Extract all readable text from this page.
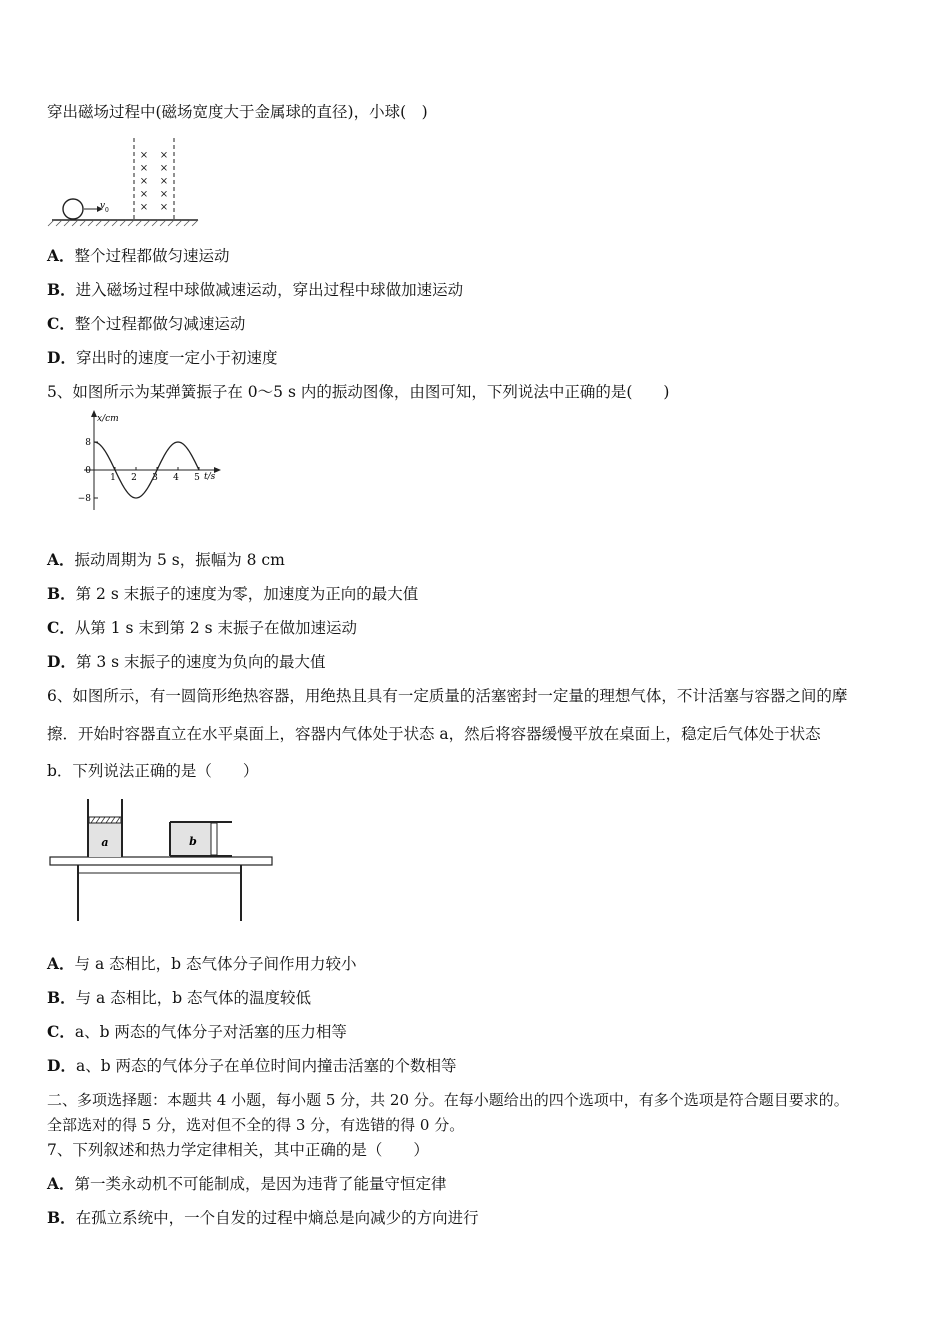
穿出磁场过程中(磁场宽度大于金属球的直径)，小球(　)
v 0
× ×
× ×
× ×
× ×
× ×
A．整个过程都做匀速运动
B．进入磁场过程中球做减速运动，穿出过程中球做加速运动
C．整个过程都做匀减速运动
D．穿出时的速度一定小于初速度
5、如图所示为某弹簧振子在 0～5 s 内的振动图像，由图可知，下列说法中正确的是(　　)
x/cm
t/s
1 2 3 4 5
8
0
−8
A．振动周期为 5 s，振幅为 8 cm
B．第 2 s 末振子的速度为零，加速度为正向的最大值
C．从第 1 s 末到第 2 s 末振子在做加速运动
D．第 3 s 末振子的速度为负向的最大值
6、如图所示，有一圆筒形绝热容器，用绝热且具有一定质量的活塞密封一定量的理想气体，不计活塞与容器之间的摩
擦．开始时容器直立在水平桌面上，容器内气体处于状态 a，然后将容器缓慢平放在桌面上，稳定后气体处于状态
b．下列说法正确的是（　　）
a	b
A．与 a 态相比，b 态气体分子间作用力较小
B．与 a 态相比，b 态气体的温度较低
C．a、b 两态的气体分子对活塞的压力相等
D．a、b 两态的气体分子在单位时间内撞击活塞的个数相等
二、多项选择题：本题共 4 小题，每小题 5 分，共 20 分。在每小题给出的四个选项中，有多个选项是符合题目要求的。
全部选对的得 5 分，选对但不全的得 3 分，有选错的得 0 分。
7、下列叙述和热力学定律相关，其中正确的是（　　）
A．第一类永动机不可能制成，是因为违背了能量守恒定律
B．在孤立系统中，一个自发的过程中熵总是向减少的方向进行
